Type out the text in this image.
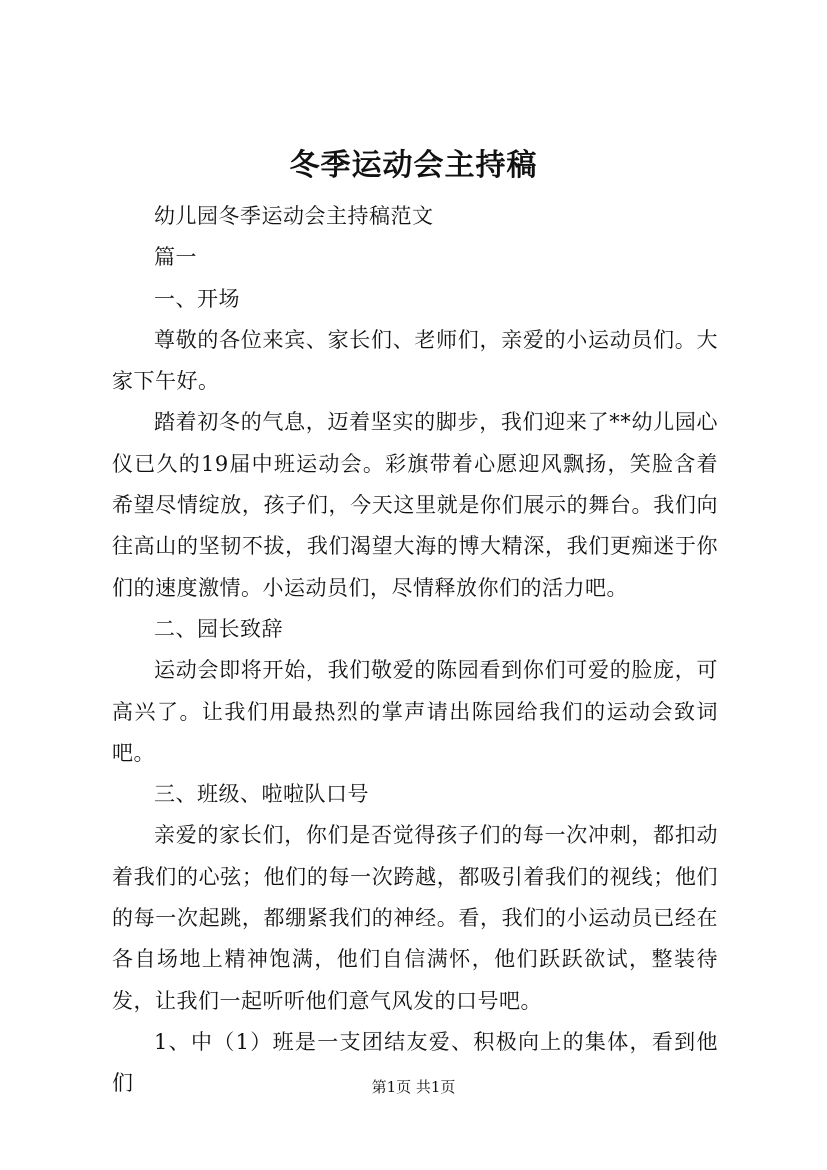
冬季运动会主持稿

幼儿园冬季运动会主持稿范文

篇一

一、开场

尊敬的各位来宾、家长们、老师们，亲爱的小运动员们。大家下午好。

踏着初冬的气息，迈着坚实的脚步，我们迎来了**幼儿园心仪已久的19届中班运动会。彩旗带着心愿迎风飘扬，笑脸含着希望尽情绽放，孩子们，今天这里就是你们展示的舞台。我们向往高山的坚韧不拔，我们渴望大海的博大精深，我们更痴迷于你们的速度激情。小运动员们，尽情释放你们的活力吧。

二、园长致辞

运动会即将开始，我们敬爱的陈园看到你们可爱的脸庞，可高兴了。让我们用最热烈的掌声请出陈园给我们的运动会致词吧。

三、班级、啦啦队口号

亲爱的家长们，你们是否觉得孩子们的每一次冲刺，都扣动着我们的心弦；他们的每一次跨越，都吸引着我们的视线；他们的每一次起跳，都绷紧我们的神经。看，我们的小运动员已经在各自场地上精神饱满，他们自信满怀，他们跃跃欲试，整装待发，让我们一起听听他们意气风发的口号吧。

1、中（1）班是一支团结友爱、积极向上的集体，看到他们	第1页 共1页
